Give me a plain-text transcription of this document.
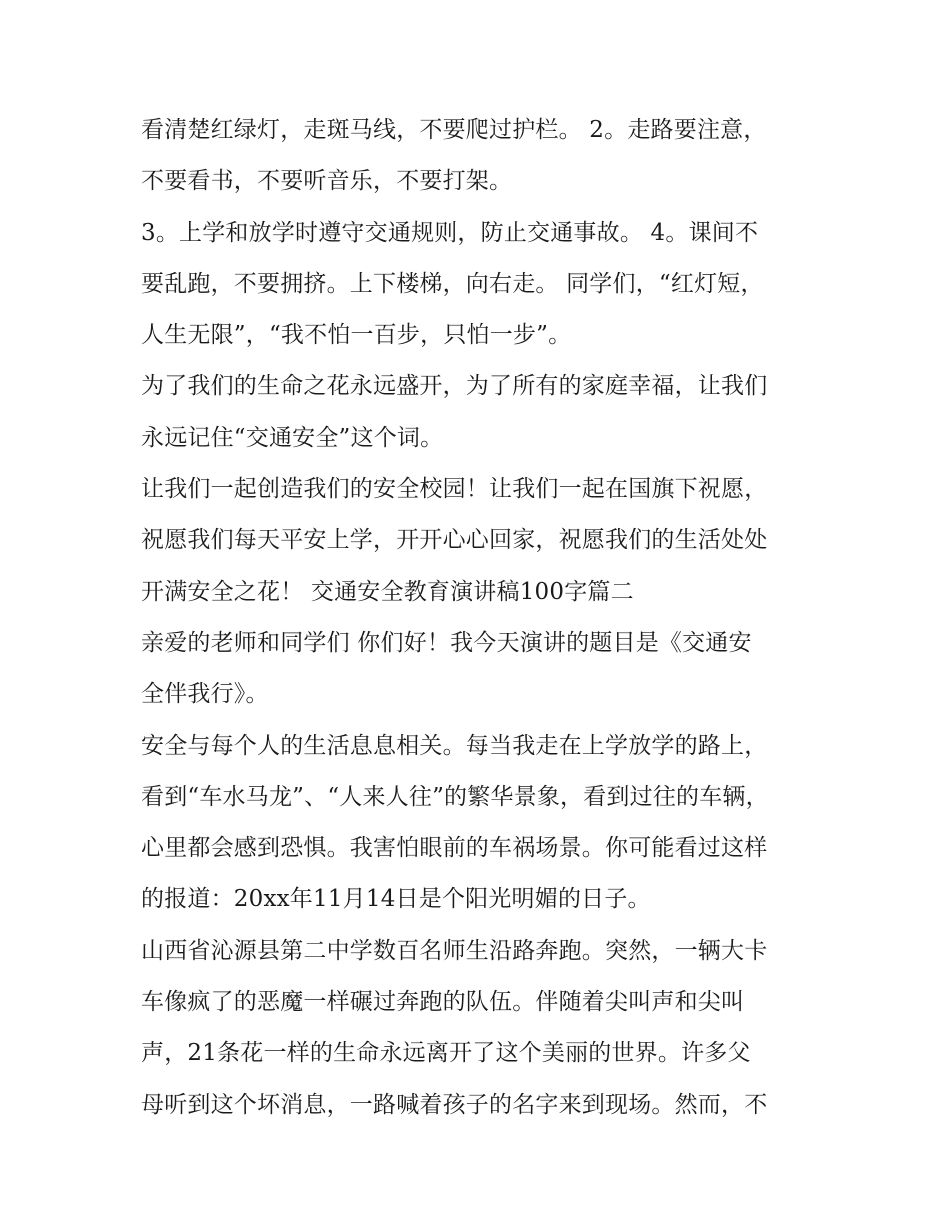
看清楚红绿灯，走斑马线，不要爬过护栏。 2。走路要注意，
不要看书，不要听音乐，不要打架。
3。上学和放学时遵守交通规则，防止交通事故。 4。课间不
要乱跑，不要拥挤。上下楼梯，向右走。 同学们，“红灯短，
人生无限”，“我不怕一百步，只怕一步”。
为了我们的生命之花永远盛开，为了所有的家庭幸福，让我们
永远记住“交通安全”这个词。
让我们一起创造我们的安全校园！让我们一起在国旗下祝愿，
祝愿我们每天平安上学，开开心心回家，祝愿我们的生活处处
开满安全之花！ 交通安全教育演讲稿100字篇二
亲爱的老师和同学们 你们好！我今天演讲的题目是《交通安
全伴我行》。
安全与每个人的生活息息相关。每当我走在上学放学的路上，
看到“车水马龙”、“人来人往”的繁华景象，看到过往的车辆，
心里都会感到恐惧。我害怕眼前的车祸场景。你可能看过这样
的报道：20xx年11月14日是个阳光明媚的日子。
山西省沁源县第二中学数百名师生沿路奔跑。突然，一辆大卡
车像疯了的恶魔一样碾过奔跑的队伍。伴随着尖叫声和尖叫
声，21条花一样的生命永远离开了这个美丽的世界。许多父
母听到这个坏消息，一路喊着孩子的名字来到现场。然而，不
